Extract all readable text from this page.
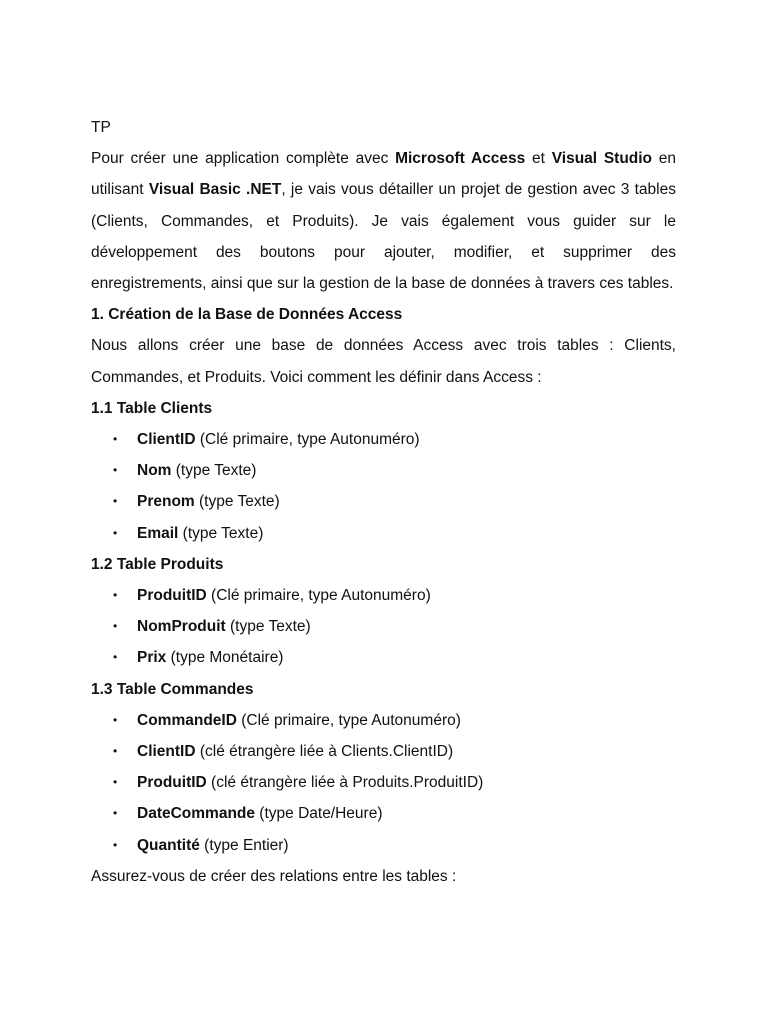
TP

Pour créer une application complète avec Microsoft Access et Visual Studio en utilisant Visual Basic .NET, je vais vous détailler un projet de gestion avec 3 tables (Clients, Commandes, et Produits). Je vais également vous guider sur le développement des boutons pour ajouter, modifier, et supprimer des enregistrements, ainsi que sur la gestion de la base de données à travers ces tables.

1. Création de la Base de Données Access

Nous allons créer une base de données Access avec trois tables : Clients, Commandes, et Produits. Voici comment les définir dans Access :

1.1 Table Clients

• ClientID (Clé primaire, type Autonuméro)
• Nom (type Texte)
• Prenom (type Texte)
• Email (type Texte)

1.2 Table Produits

• ProduitID (Clé primaire, type Autonuméro)
• NomProduit (type Texte)
• Prix (type Monétaire)

1.3 Table Commandes

• CommandeID (Clé primaire, type Autonuméro)
• ClientID (clé étrangère liée à Clients.ClientID)
• ProduitID (clé étrangère liée à Produits.ProduitID)
• DateCommande (type Date/Heure)
• Quantité (type Entier)

Assurez-vous de créer des relations entre les tables :
